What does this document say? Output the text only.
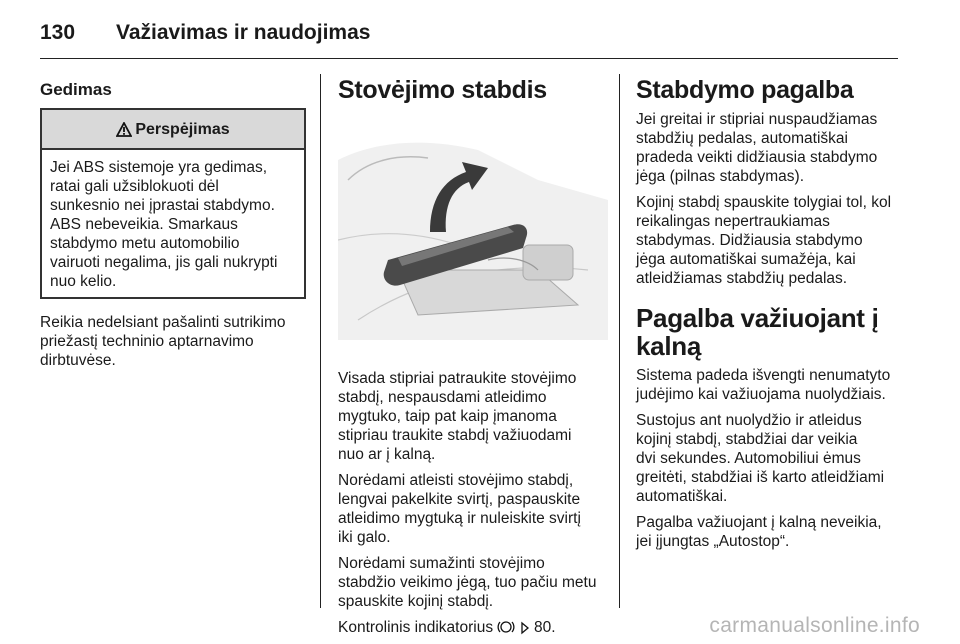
130	Važiavimas ir naudojimas
Gedimas
Perspėjimas
Jei ABS sistemoje yra gedimas,
ratai gali užsiblokuoti dėl
sunkesnio nei įprastai stabdymo.
ABS nebeveikia. Smarkaus
stabdymo metu automobilio
vairuoti negalima, jis gali nukrypti
nuo kelio.

Reikia nedelsiant pašalinti sutrikimo
priežastį techninio aptarnavimo
dirbtuvėse.

Stovėjimo stabdis

Visada stipriai patraukite stovėjimo
stabdį, nespausdami atleidimo
mygtuko, taip pat kaip įmanoma
stipriau traukite stabdį važiuodami
nuo ar į kalną.

Norėdami atleisti stovėjimo stabdį,
lengvai pakelkite svirtį, paspauskite
atleidimo mygtuką ir nuleiskite svirtį
iki galo.

Norėdami sumažinti stovėjimo
stabdžio veikimo jėgą, tuo pačiu metu
spauskite kojinį stabdį.

Kontrolinis indikatorius	80.

Stabdymo pagalba

Jei greitai ir stipriai nuspaudžiamas
stabdžių pedalas, automatiškai
pradeda veikti didžiausia stabdymo
jėga (pilnas stabdymas).

Kojinį stabdį spauskite tolygiai tol, kol
reikalingas nepertraukiamas
stabdymas. Didžiausia stabdymo
jėga automatiškai sumažėja, kai
atleidžiamas stabdžių pedalas.

Pagalba važiuojant į kalną

Sistema padeda išvengti nenumatyto
judėjimo kai važiuojama nuolydžiais.

Sustojus ant nuolydžio ir atleidus
kojinį stabdį, stabdžiai dar veikia
dvi sekundes. Automobiliui ėmus
greitėti, stabdžiai iš karto atleidžiami
automatiškai.

Pagalba važiuojant į kalną neveikia,
jei įjungtas „Autostop“.

carmanualsonline.info
